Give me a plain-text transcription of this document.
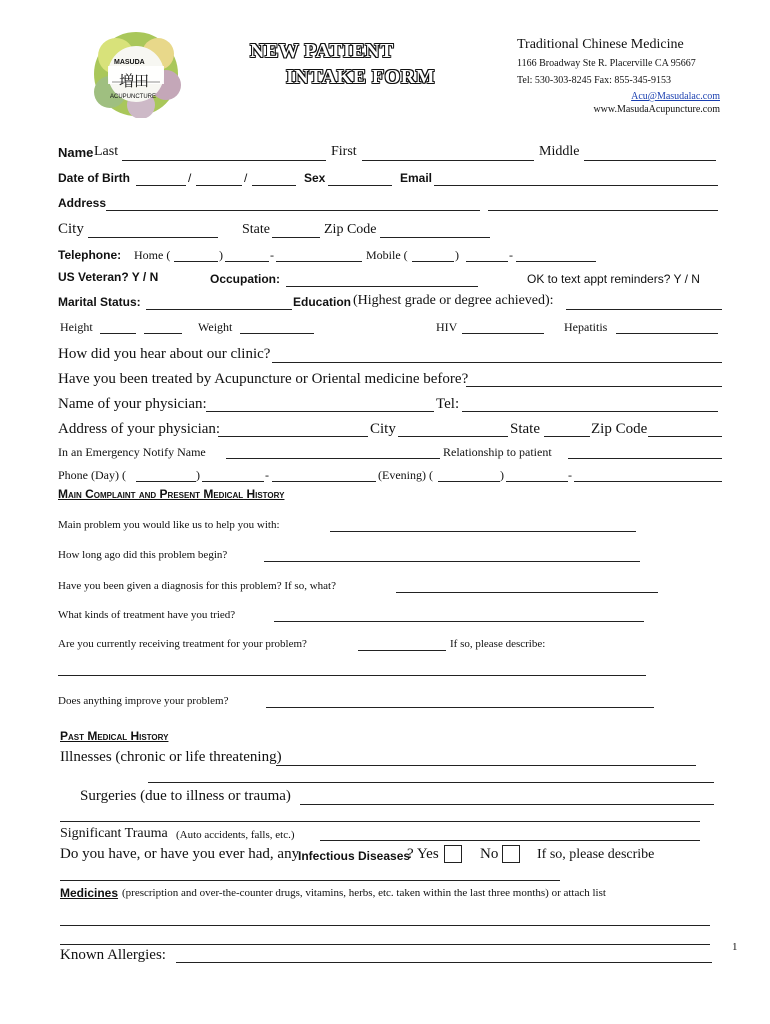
MASUDA
増田
ACUPUNCTURE
NEW PATIENT
INTAKE FORM
Traditional Chinese Medicine
1166 Broadway Ste R. Placerville CA 95667
Tel: 530-303-8245 Fax: 855-345-9153
Acu@Masudalac.com
www.MasudaAcupuncture.com
Name Last	First	Middle
Date of Birth	/	/	Sex	Email
Address
City	State	Zip Code
Telephone: Home (	)	-	Mobile (	)	-
US Veteran? Y / N	Occupation:	OK to text appt reminders? Y / N
Marital Status:	Education (Highest grade or degree achieved):
Height	Weight	HIV	Hepatitis
How did you hear about our clinic?
Have you been treated by Acupuncture or Oriental medicine before?
Name of your physician:	Tel:
Address of your physician:	City	State	Zip Code
In an Emergency Notify Name	Relationship to patient
Phone (Day) (	)	-	(Evening) (	)	-
Main Complaint and Present Medical History
Main problem you would like us to help you with:
How long ago did this problem begin?
Have you been given a diagnosis for this problem? If so, what?
What kinds of treatment have you tried?
Are you currently receiving treatment for your problem?	If so, please describe:
Does anything improve your problem?
Past Medical History
Illnesses (chronic or life threatening)
Surgeries (due to illness or trauma)
Significant Trauma (Auto accidents, falls, etc.)
Do you have, or have you ever had, any
Infectious Diseases
? Yes	No	If so, please describe
Medicines (prescription and over-the-counter drugs, vitamins, herbs, etc. taken within the last three months) or attach list
Known Allergies:	1
